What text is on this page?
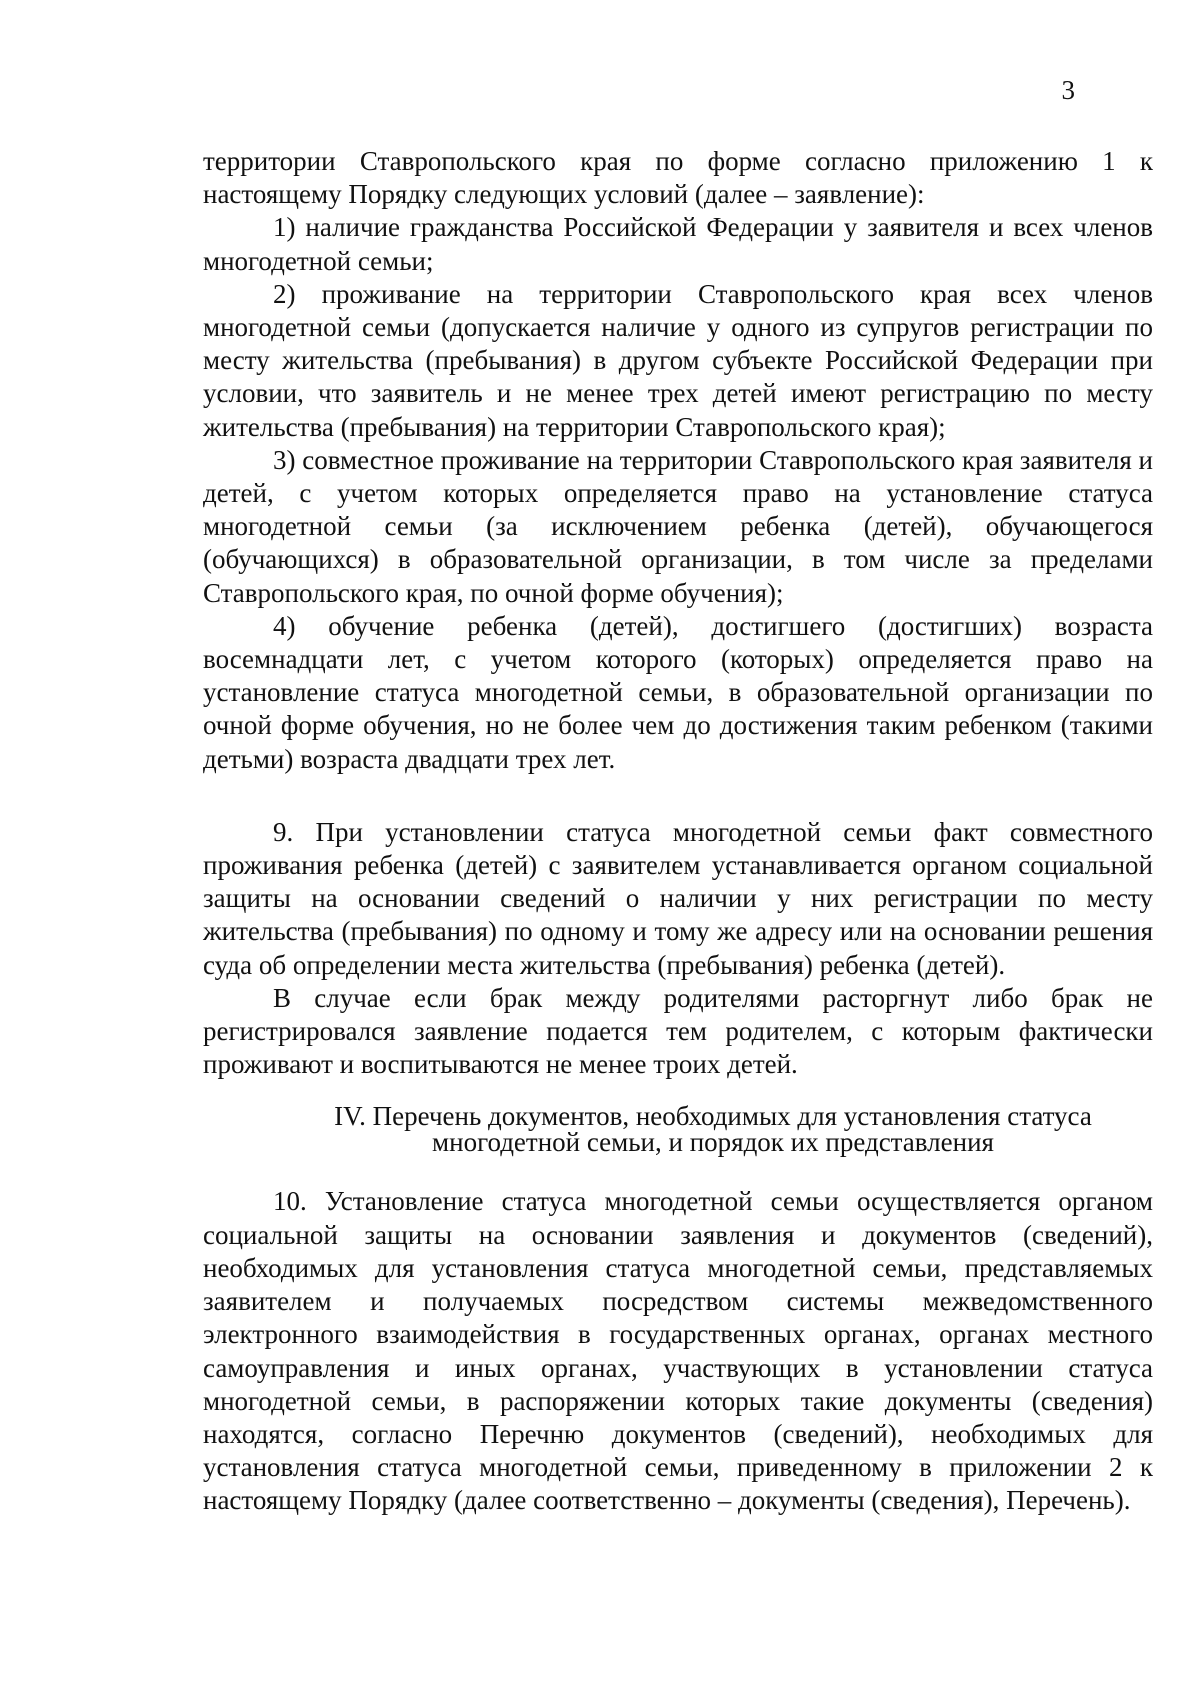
3

территории Ставропольского края по форме согласно приложению 1 к настоящему Порядку следующих условий (далее – заявление):

1) наличие гражданства Российской Федерации у заявителя и всех членов многодетной семьи;

2) проживание на территории Ставропольского края всех членов многодетной семьи (допускается наличие у одного из супругов регистрации по месту жительства (пребывания) в другом субъекте Российской Федерации при условии, что заявитель и не менее трех детей имеют регистрацию по месту жительства (пребывания) на территории Ставропольского края);

3) совместное проживание на территории Ставропольского края заявителя и детей, с учетом которых определяется право на установление статуса многодетной семьи (за исключением ребенка (детей), обучающегося (обучающихся) в образовательной организации, в том числе за пределами Ставропольского края, по очной форме обучения);

4) обучение ребенка (детей), достигшего (достигших) возраста восемнадцати лет, с учетом которого (которых) определяется право на установление статуса многодетной семьи, в образовательной организации по очной форме обучения, но не более чем до достижения таким ребенком (такими детьми) возраста двадцати трех лет.

9. При установлении статуса многодетной семьи факт совместного проживания ребенка (детей) с заявителем устанавливается органом социальной защиты на основании сведений о наличии у них регистрации по месту жительства (пребывания) по одному и тому же адресу или на основании решения суда об определении места жительства (пребывания) ребенка (детей).

В случае если брак между родителями расторгнут либо брак не регистрировался заявление подается тем родителем, с которым фактически проживают и воспитываются не менее троих детей.

IV. Перечень документов, необходимых для установления статуса
многодетной семьи, и порядок их представления

10. Установление статуса многодетной семьи осуществляется органом социальной защиты на основании заявления и документов (сведений), необходимых для установления статуса многодетной семьи, представляемых заявителем и получаемых посредством системы межведомственного электронного взаимодействия в государственных органах, органах местного самоуправления и иных органах, участвующих в установлении статуса многодетной семьи, в распоряжении которых такие документы (сведения) находятся, согласно Перечню документов (сведений), необходимых для установления статуса многодетной семьи, приведенному в приложении 2 к настоящему Порядку (далее соответственно – документы (сведения), Перечень).
